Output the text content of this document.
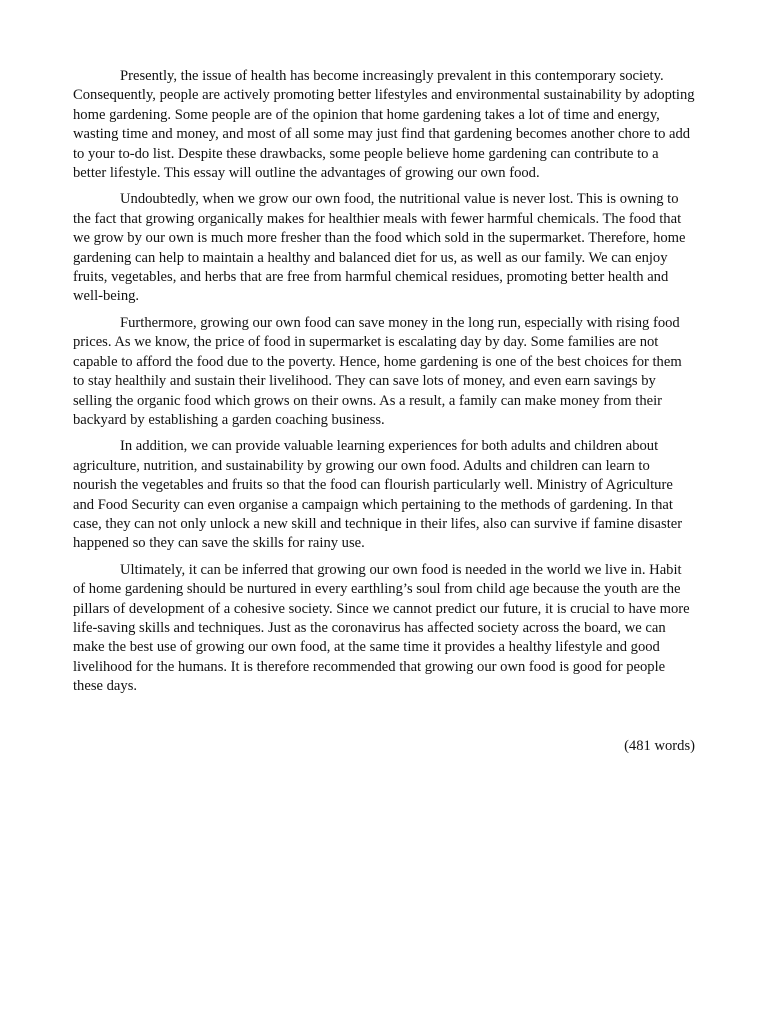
Presently, the issue of health has become increasingly prevalent in this contemporary society. Consequently, people are actively promoting better lifestyles and environmental sustainability by adopting home gardening. Some people are of the opinion that home gardening takes a lot of time and energy, wasting time and money, and most of all some may just find that gardening becomes another chore to add to your to-do list. Despite these drawbacks, some people believe home gardening can contribute to a better lifestyle. This essay will outline the advantages of growing our own food.

Undoubtedly, when we grow our own food, the nutritional value is never lost. This is owning to the fact that growing organically makes for healthier meals with fewer harmful chemicals. The food that we grow by our own is much more fresher than the food which sold in the supermarket. Therefore, home gardening can help to maintain a healthy and balanced diet for us, as well as our family. We can enjoy fruits, vegetables, and herbs that are free from harmful chemical residues, promoting better health and well-being.

Furthermore, growing our own food can save money in the long run, especially with rising food prices. As we know, the price of food in supermarket is escalating day by day. Some families are not capable to afford the food due to the poverty. Hence, home gardening is one of the best choices for them to stay healthily and sustain their livelihood. They can save lots of money, and even earn savings by selling the organic food which grows on their owns. As a result, a family can make money from their backyard by establishing a garden coaching business.

In addition, we can provide valuable learning experiences for both adults and children about agriculture, nutrition, and sustainability by growing our own food. Adults and children can learn to nourish the vegetables and fruits so that the food can flourish particularly well. Ministry of Agriculture and Food Security can even organise a campaign which pertaining to the methods of gardening. In that case, they can not only unlock a new skill and technique in their lifes, also can survive if famine disaster happened so they can save the skills for rainy use.

Ultimately, it can be inferred that growing our own food is needed in the world we live in. Habit of home gardening should be nurtured in every earthling’s soul from child age because the youth are the pillars of development of a cohesive society. Since we cannot predict our future, it is crucial to have more life-saving skills and techniques. Just as the coronavirus has affected society across the board, we can make the best use of growing our own food, at the same time it provides a healthy lifestyle and good livelihood for the humans. It is therefore recommended that growing our own food is good for people these days.

(481 words)
